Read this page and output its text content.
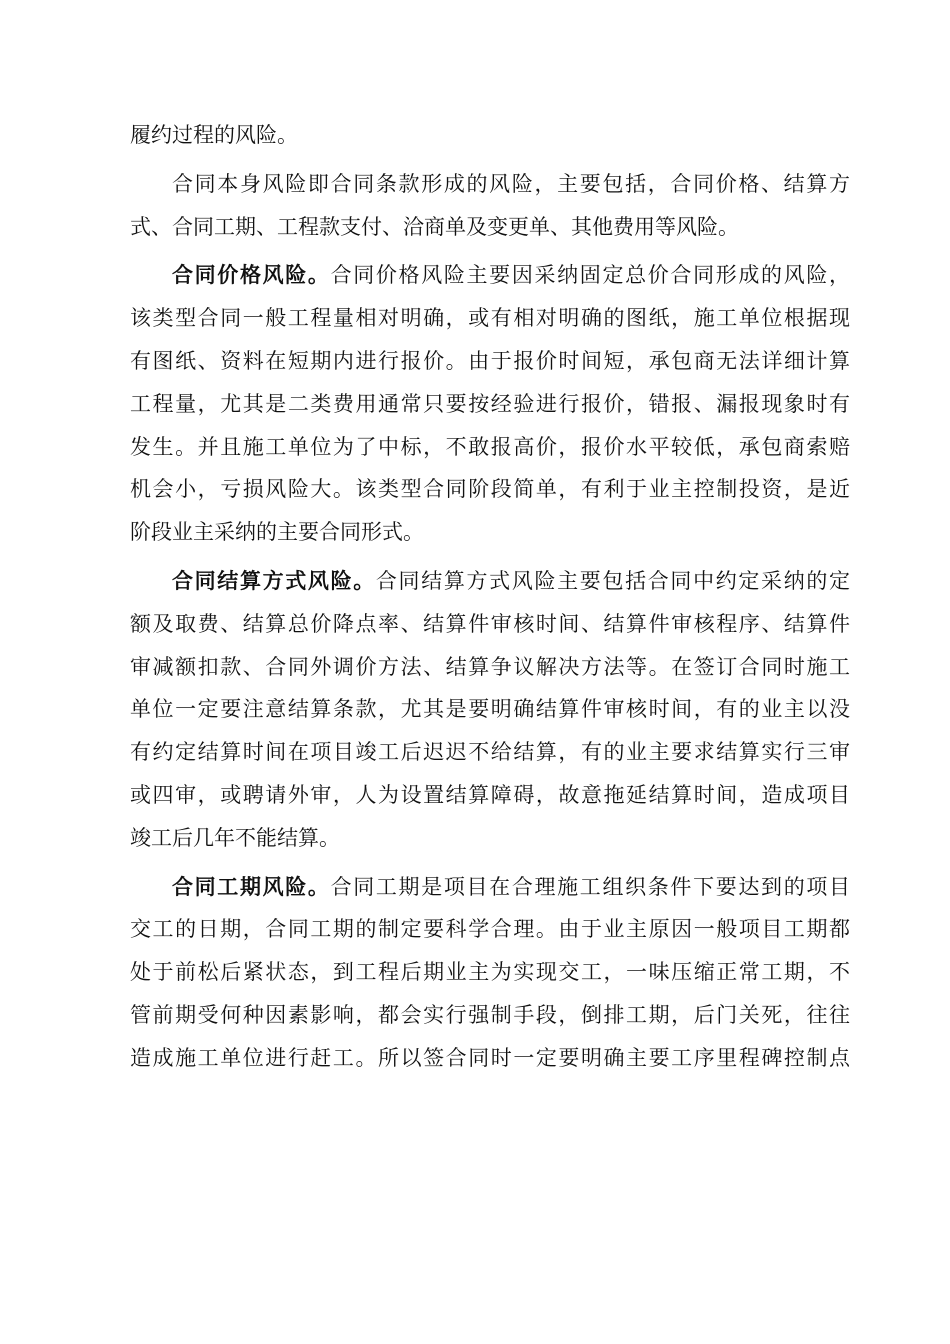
履约过程的风险。
合同本身风险即合同条款形成的风险，主要包括，合同价格、结算方
式、合同工期、工程款支付、洽商单及变更单、其他费用等风险。
合同价格风险。合同价格风险主要因采纳固定总价合同形成的风险，
该类型合同一般工程量相对明确，或有相对明确的图纸，施工单位根据现
有图纸、资料在短期内进行报价。由于报价时间短，承包商无法详细计算
工程量，尤其是二类费用通常只要按经验进行报价，错报、漏报现象时有
发生。并且施工单位为了中标，不敢报高价，报价水平较低，承包商索赔
机会小，亏损风险大。该类型合同阶段简单，有利于业主控制投资，是近
阶段业主采纳的主要合同形式。
合同结算方式风险。合同结算方式风险主要包括合同中约定采纳的定
额及取费、结算总价降点率、结算件审核时间、结算件审核程序、结算件
审减额扣款、合同外调价方法、结算争议解决方法等。在签订合同时施工
单位一定要注意结算条款，尤其是要明确结算件审核时间，有的业主以没
有约定结算时间在项目竣工后迟迟不给结算，有的业主要求结算实行三审
或四审，或聘请外审，人为设置结算障碍，故意拖延结算时间，造成项目
竣工后几年不能结算。
合同工期风险。合同工期是项目在合理施工组织条件下要达到的项目
交工的日期，合同工期的制定要科学合理。由于业主原因一般项目工期都
处于前松后紧状态，到工程后期业主为实现交工，一味压缩正常工期，不
管前期受何种因素影响，都会实行强制手段，倒排工期，后门关死，往往
造成施工单位进行赶工。所以签合同时一定要明确主要工序里程碑控制点
